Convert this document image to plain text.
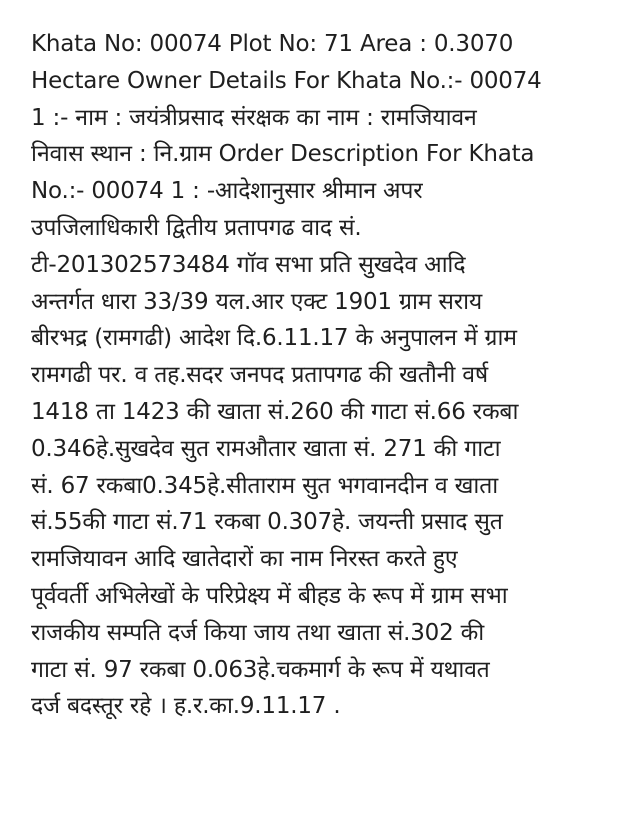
Khata No: 00074 Plot No: 71 Area : 0.3070
Hectare Owner Details For Khata No.:- 00074
1 :- नाम : जयंत्रीप्रसाद संरक्षक का नाम : रामजियावन
निवास स्थान : नि.ग्राम Order Description For Khata
No.:- 00074 1 : -आदेशानुसार श्रीमान अपर
उपजिलाधिकारी द्वितीय प्रतापगढ वाद सं.
टी-201302573484 गॉव सभा प्रति सुखदेव आदि
अन्तर्गत धारा 33/39 यल.आर एक्ट 1901 ग्राम सराय
बीरभद्र (रामगढी) आदेश दि.6.11.17 के अनुपालन में ग्राम
रामगढी पर. व तह.सदर जनपद प्रतापगढ की खतौनी वर्ष
1418 ता 1423 की खाता सं.260 की गाटा सं.66 रकबा
0.346हे.सुखदेव सुत रामऔतार खाता सं. 271 की गाटा
सं. 67 रकबा0.345हे.सीताराम सुत भगवानदीन व खाता
सं.55की गाटा सं.71 रकबा 0.307हे. जयन्ती प्रसाद सुत
रामजियावन आदि खातेदारों का नाम निरस्त करते हुए
पूर्ववर्ती अभिलेखों के परिप्रेक्ष्य में बीहड के रूप में ग्राम सभा
राजकीय सम्पति दर्ज किया जाय तथा खाता सं.302 की
गाटा सं. 97 रकबा 0.063हे.चकमार्ग के रूप में यथावत
दर्ज बदस्तूर रहे । ह.र.का.9.11.17 .
